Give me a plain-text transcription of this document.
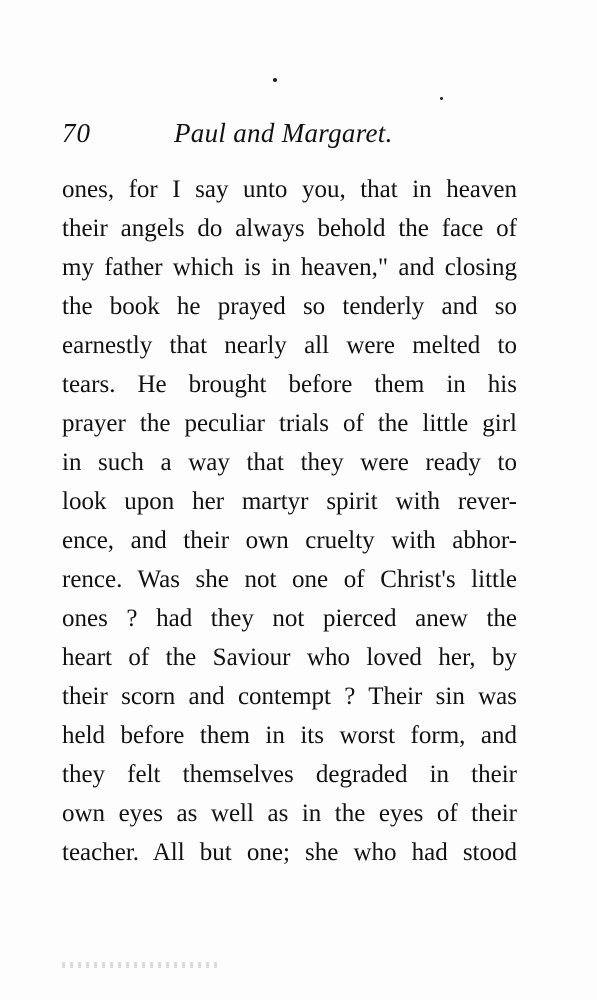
70	Paul and Margaret.
ones, for I say unto you, that in heaven
their angels do always behold the face of
my father which is in heaven," and closing
the book he prayed so tenderly and so
earnestly that nearly all were melted to
tears. He brought before them in his
prayer the peculiar trials of the little girl
in such a way that they were ready to
look upon her martyr spirit with rever-
ence, and their own cruelty with abhor-
rence. Was she not one of Christ's little
ones ? had they not pierced anew the
heart of the Saviour who loved her, by
their scorn and contempt ? Their sin was
held before them in its worst form, and
they felt themselves degraded in their
own eyes as well as in the eyes of their
teacher. All but one; she who had stood
